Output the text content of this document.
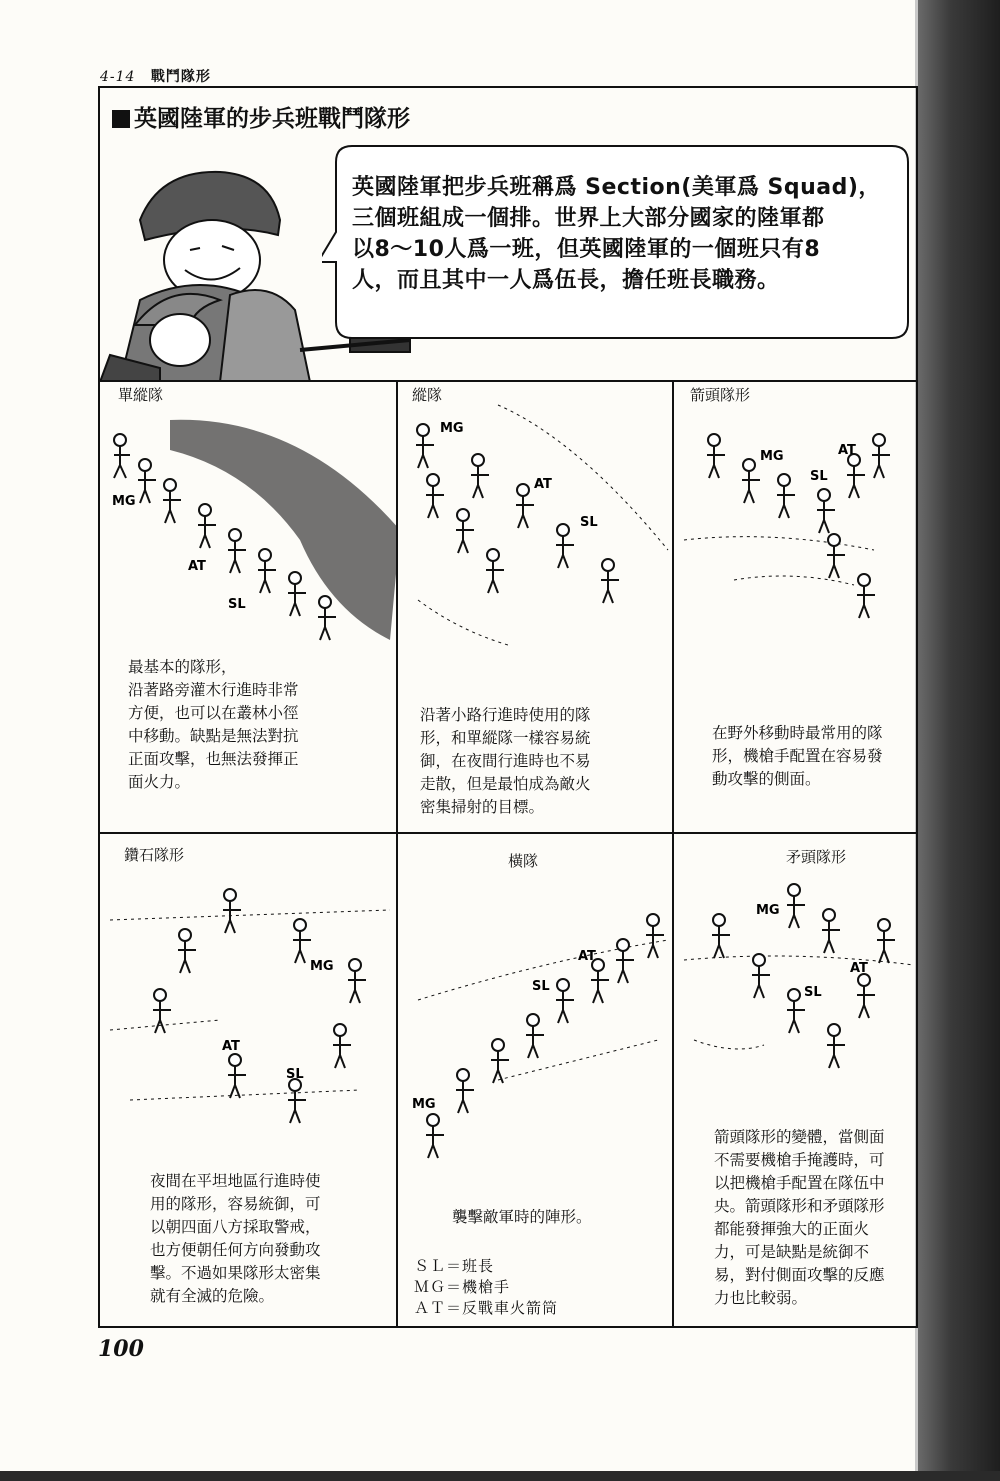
4-14 戰鬥隊形
英國陸軍的步兵班戰鬥隊形
英國陸軍把步兵班稱爲 Section(美軍爲 Squad)，
三個班組成一個排。世界上大部分國家的陸軍都
以8～10人爲一班，但英國陸軍的一個班只有8
人，而且其中一人爲伍長，擔任班長職務。
單縱隊
MG
AT
SL
最基本的隊形，
沿著路旁灌木行進時非常
方便，也可以在叢林小徑
中移動。缺點是無法對抗
正面攻擊，也無法發揮正
面火力。
縱隊
MG
AT
SL
沿著小路行進時使用的隊
形，和單縱隊一樣容易統
御，在夜間行進時也不易
走散，但是最怕成為敵火
密集掃射的目標。
箭頭隊形
MG	AT
SL
在野外移動時最常用的隊
形，機槍手配置在容易發
動攻擊的側面。
鑽石隊形
MG
AT
SL
夜間在平坦地區行進時使
用的隊形，容易統御，可
以朝四面八方採取警戒，
也方便朝任何方向發動攻
擊。不過如果隊形太密集
就有全滅的危險。
橫隊
AT
SL
MG
襲擊敵軍時的陣形。
ＳＬ＝班長
ＭＧ＝機槍手
ＡＴ＝反戰車火箭筒
矛頭隊形
MG
AT
SL
箭頭隊形的變體，當側面
不需要機槍手掩護時，可
以把機槍手配置在隊伍中
央。箭頭隊形和矛頭隊形
都能發揮強大的正面火
力，可是缺點是統御不
易，對付側面攻擊的反應
力也比較弱。
100
